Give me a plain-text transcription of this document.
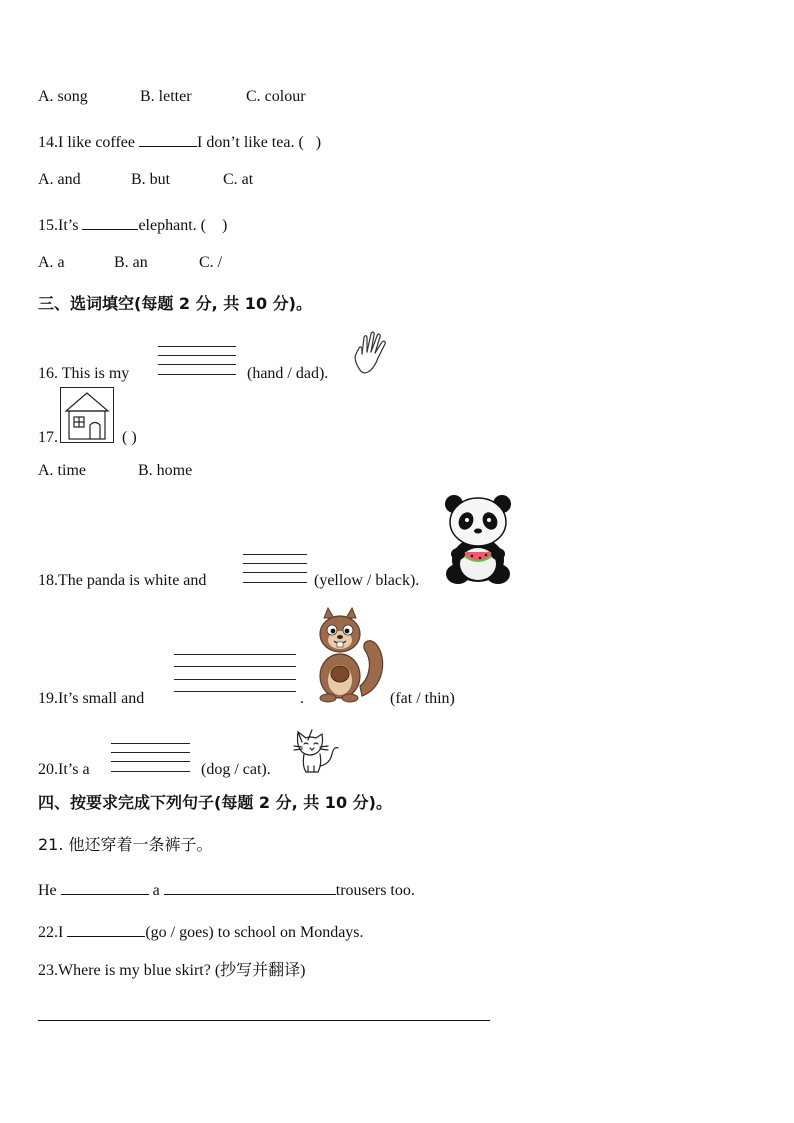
A. song	B. letter	C. colour
14.I like coffee	I don’t like tea. ( )
A. and	B. but	C. at
15.It’s	elephant. ( )
A. a	B. an	C. /
三、选词填空(每题 2 分, 共 10 分)。
16. This is my	(hand / dad).
17.	( )
A. time	B. home
18.The panda is white and	(yellow / black).
19.It’s small and	.	(fat / thin)
20.It’s a	(dog / cat).
四、按要求完成下列句子(每题 2 分, 共 10 分)。
21. 他还穿着一条裤子。
He	a	trousers too.
22.I	(go / goes) to school on Mondays.
23.Where is my blue skirt? (抄写并翻译)
